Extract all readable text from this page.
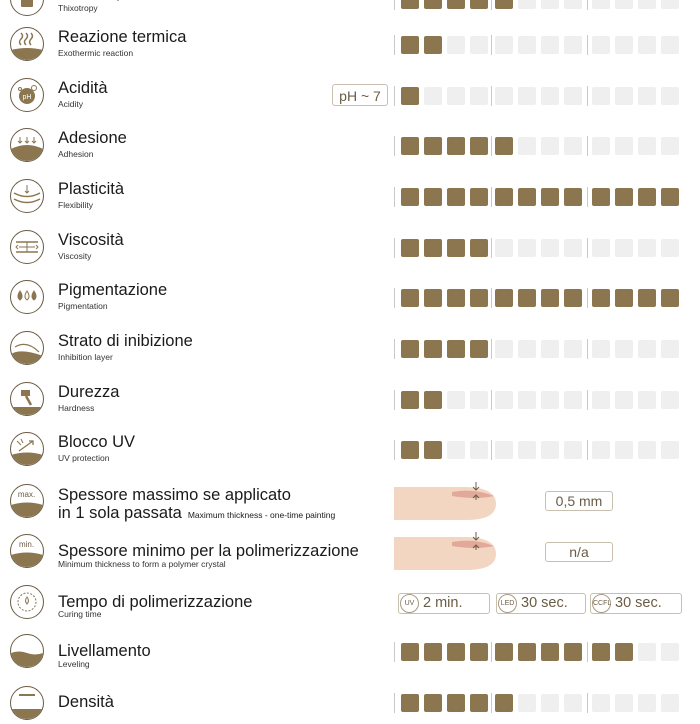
Thixotropy
Reazione termica
Exothermic reaction
pH
Acidità
Acidity	pH ~ 7
Adesione
Adhesion
Plasticità
Flexibility
Viscosità
Viscosity
Pigmentazione
Pigmentation
Strato di inibizione
Inhibition layer
Durezza
Hardness
Blocco UV
UV protection
max.	Spessore massimo se applicato
in 1 sola passata Maximum thickness - one-time painting
0,5 mm
min.	Spessore minimo per la polimerizzazione
Minimum thickness to form a polymer crystal
n/a
Tempo di polimerizzazione
Curing time
UV 2 min.	LED 30 sec.	CCFL 30 sec.
Livellamento
Leveling
Densità
